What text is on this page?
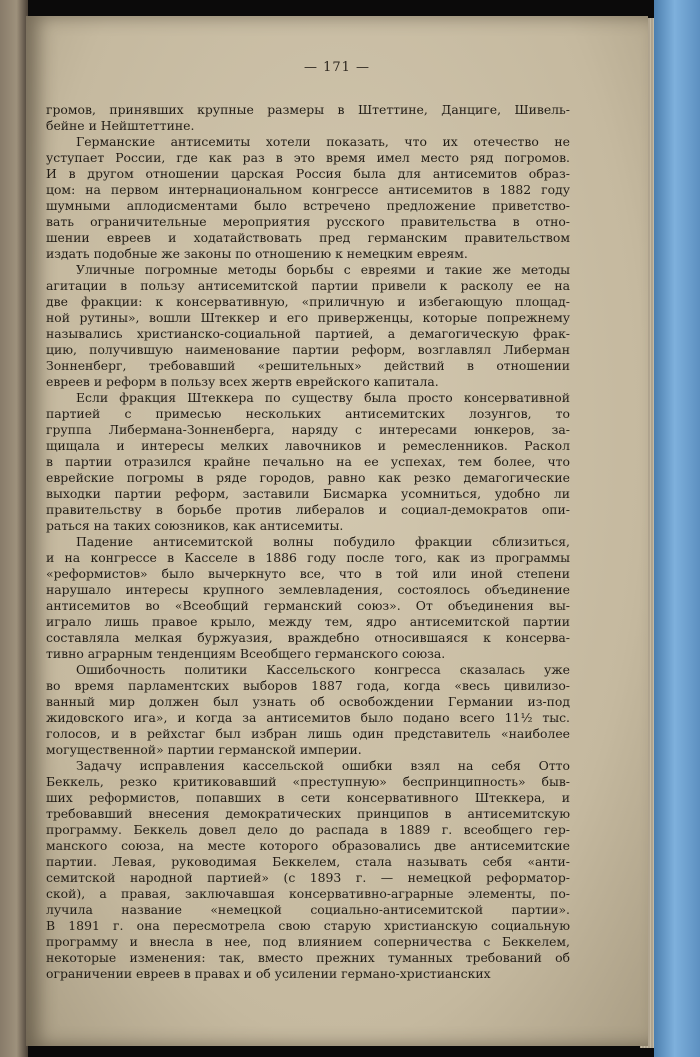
— 171 —
громов, принявших крупные размеры в Штеттине, Данциге, Шивель-
бейне и Нейштеттине.
Германские антисемиты хотели показать, что их отечество не
уступает России, где как раз в это время имел место ряд погромов.
И в другом отношении царская Россия была для антисемитов образ-
цом: на первом интернациональном конгрессе антисемитов в 1882 году
шумными аплодисментами было встречено предложение приветство-
вать ограничительные мероприятия русского правительства в отно-
шении евреев и ходатайствовать пред германским правительством
издать подобные же законы по отношению к немецким евреям.
Уличные погромные методы борьбы с евреями и такие же методы
агитации в пользу антисемитской партии привели к расколу ее на
две фракции: к консервативную, «приличную и избегающую площад-
ной рутины», вошли Штеккер и его приверженцы, которые попрежнему
назывались христианско-социальной партией, а демагогическую фрак-
цию, получившую наименование партии реформ, возглавлял Либерман
Зонненберг, требовавший «решительных» действий в отношении
евреев и реформ в пользу всех жертв еврейского капитала.
Если фракция Штеккера по существу была просто консервативной
партией с примесью нескольких антисемитских лозунгов, то
группа Либермана-Зонненберга, наряду с интересами юнкеров, за-
щищала и интересы мелких лавочников и ремесленников. Раскол
в партии отразился крайне печально на ее успехах, тем более, что
еврейские погромы в ряде городов, равно как резко демагогические
выходки партии реформ, заставили Бисмарка усомниться, удобно ли
правительству в борьбе против либералов и социал-демократов опи-
раться на таких союзников, как антисемиты.
Падение антисемитской волны побудило фракции сблизиться,
и на конгрессе в Касселе в 1886 году после того, как из программы
«реформистов» было вычеркнуто все, что в той или иной степени
нарушало интересы крупного землевладения, состоялось объединение
антисемитов во «Всеобщий германский союз». От объединения вы-
играло лишь правое крыло, между тем, ядро антисемитской партии
составляла мелкая буржуазия, враждебно относившаяся к консерва-
тивно аграрным тенденциям Всеобщего германского союза.
Ошибочность политики Кассельского конгресса сказалась уже
во время парламентских выборов 1887 года, когда «весь цивилизо-
ванный мир должен был узнать об освобождении Германии из-под
жидовского ига», и когда за антисемитов было подано всего 11½ тыс.
голосов, и в рейхстаг был избран лишь один представитель «наиболее
могущественной» партии германской империи.
Задачу исправления кассельской ошибки взял на себя Отто
Беккель, резко критиковавший «преступную» беспринципность» быв-
ших реформистов, попавших в сети консервативного Штеккера, и
требовавший внесения демократических принципов в антисемитскую
программу. Беккель довел дело до распада в 1889 г. всеобщего гер-
манского союза, на месте которого образовались две антисемитские
партии. Левая, руководимая Беккелем, стала называть себя «анти-
семитской народной партией» (с 1893 г. — немецкой реформатор-
ской), а правая, заключавшая консервативно-аграрные элементы, по-
лучила название «немецкой социально-антисемитской партии».
В 1891 г. она пересмотрела свою старую христианскую социальную
программу и внесла в нее, под влиянием соперничества с Беккелем,
некоторые изменения: так, вместо прежних туманных требований об
ограничении евреев в правах и об усилении германо-христианских
